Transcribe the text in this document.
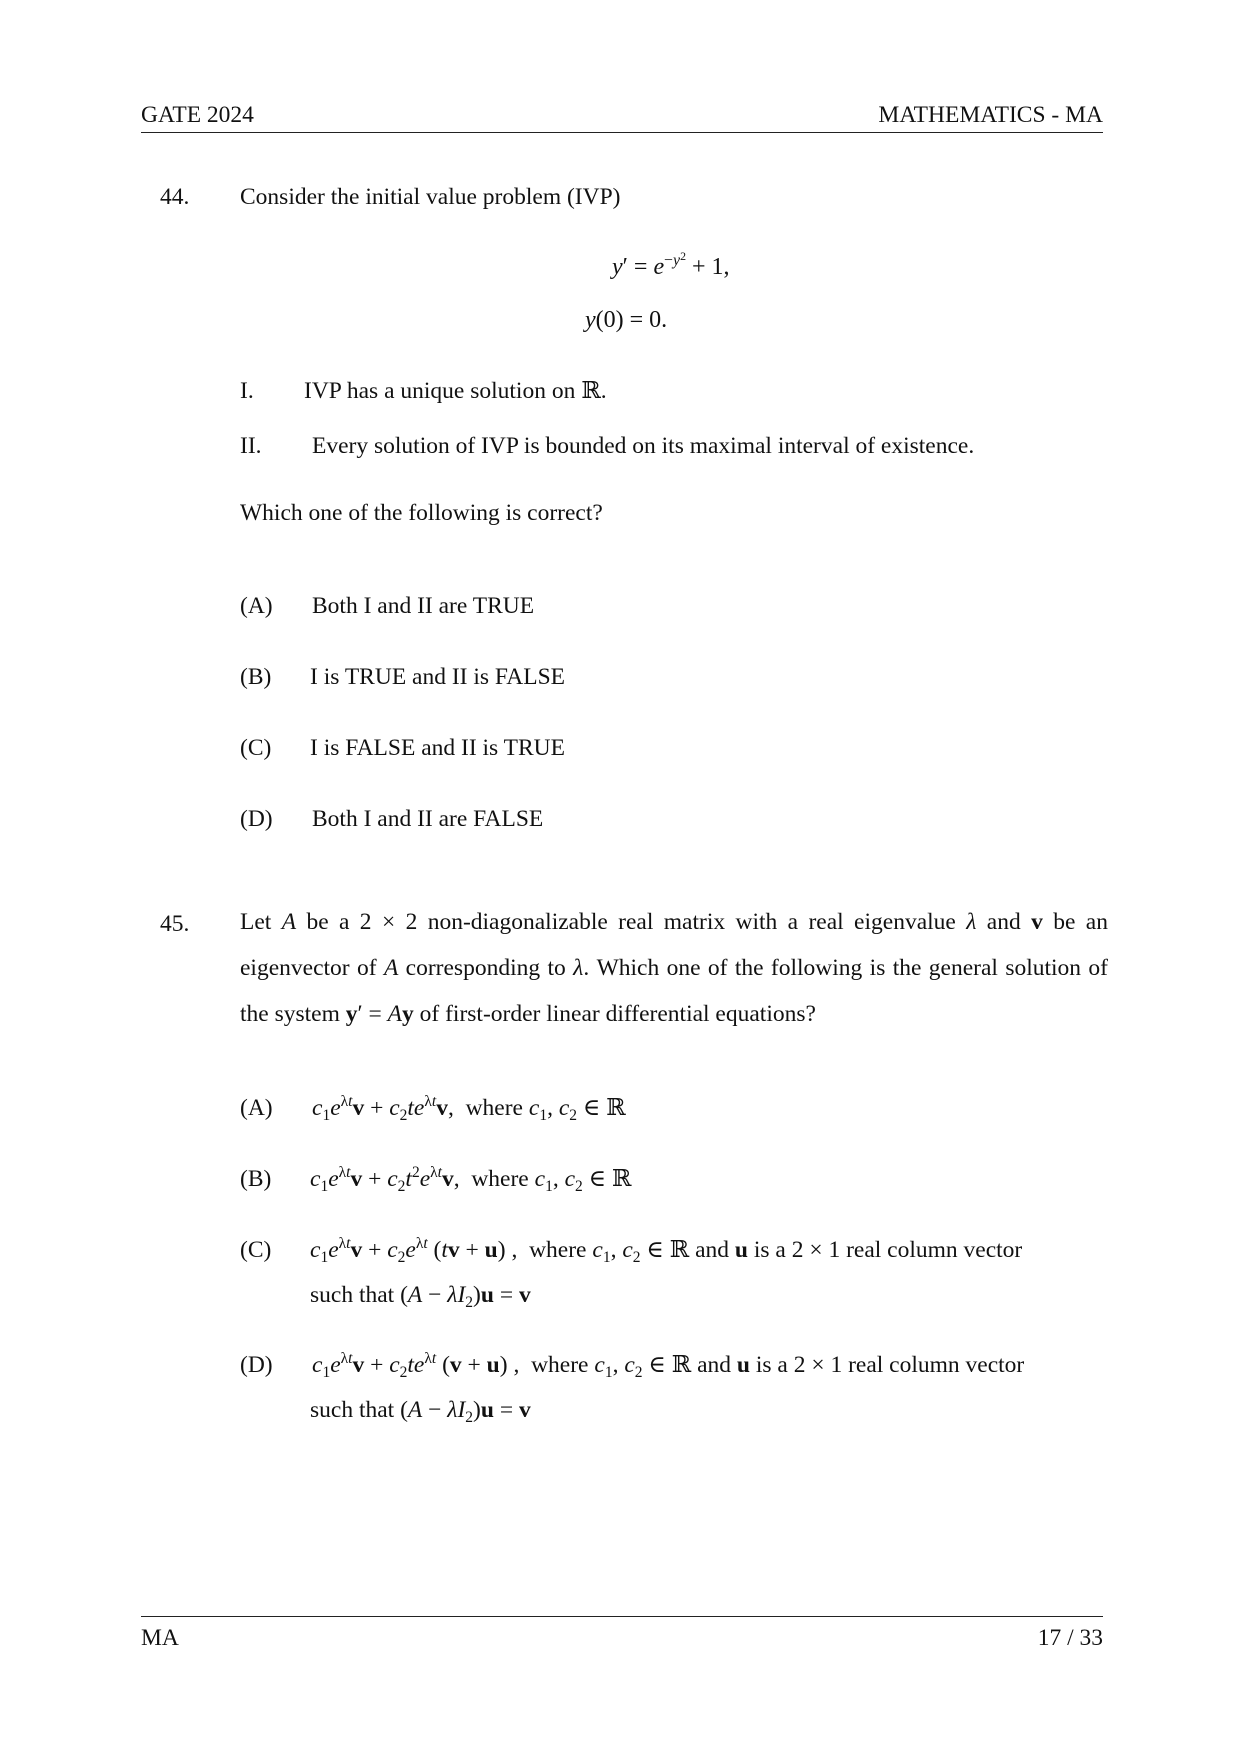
GATE 2024	MATHEMATICS - MA
44. Consider the initial value problem (IVP)
$y' = e^{-y^2} + 1$,
y(0) = 0.
I. IVP has a unique solution on ℝ.
II. Every solution of IVP is bounded on its maximal interval of existence.
Which one of the following is correct?
(A) Both I and II are TRUE
(B) I is TRUE and II is FALSE
(C) I is FALSE and II is TRUE
(D) Both I and II are FALSE
45. Let A be a 2 × 2 non-diagonalizable real matrix with a real eigenvalue λ and v be an eigenvector of A corresponding to λ. Which one of the following is the general solution of the system y′ = Ay of first-order linear differential equations?
(A) $c_1e^{\lambda t}v + c_2te^{\lambda t}v$,  where $c_1$, $c_2$ ∈ ℝ
(B) $c_1e^{\lambda t}v + c_2t^2e^{\lambda t}v$,  where $c_1$, $c_2$ ∈ ℝ
(C) $c_1e^{\lambda t}v + c_2e^{\lambda t}$ (tv + u) ,  where $c_1$, $c_2$ ∈ ℝ and u is a 2 × 1 real column vector
such that $(A - \lambda I_2)u = v$
(D) $c_1e^{\lambda t}v + c_2te^{\lambda t}$ (v + u) ,  where $c_1$, $c_2$ ∈ ℝ and u is a 2 × 1 real column vector
such that $(A - \lambda I_2)u = v$
MA	17 / 33
